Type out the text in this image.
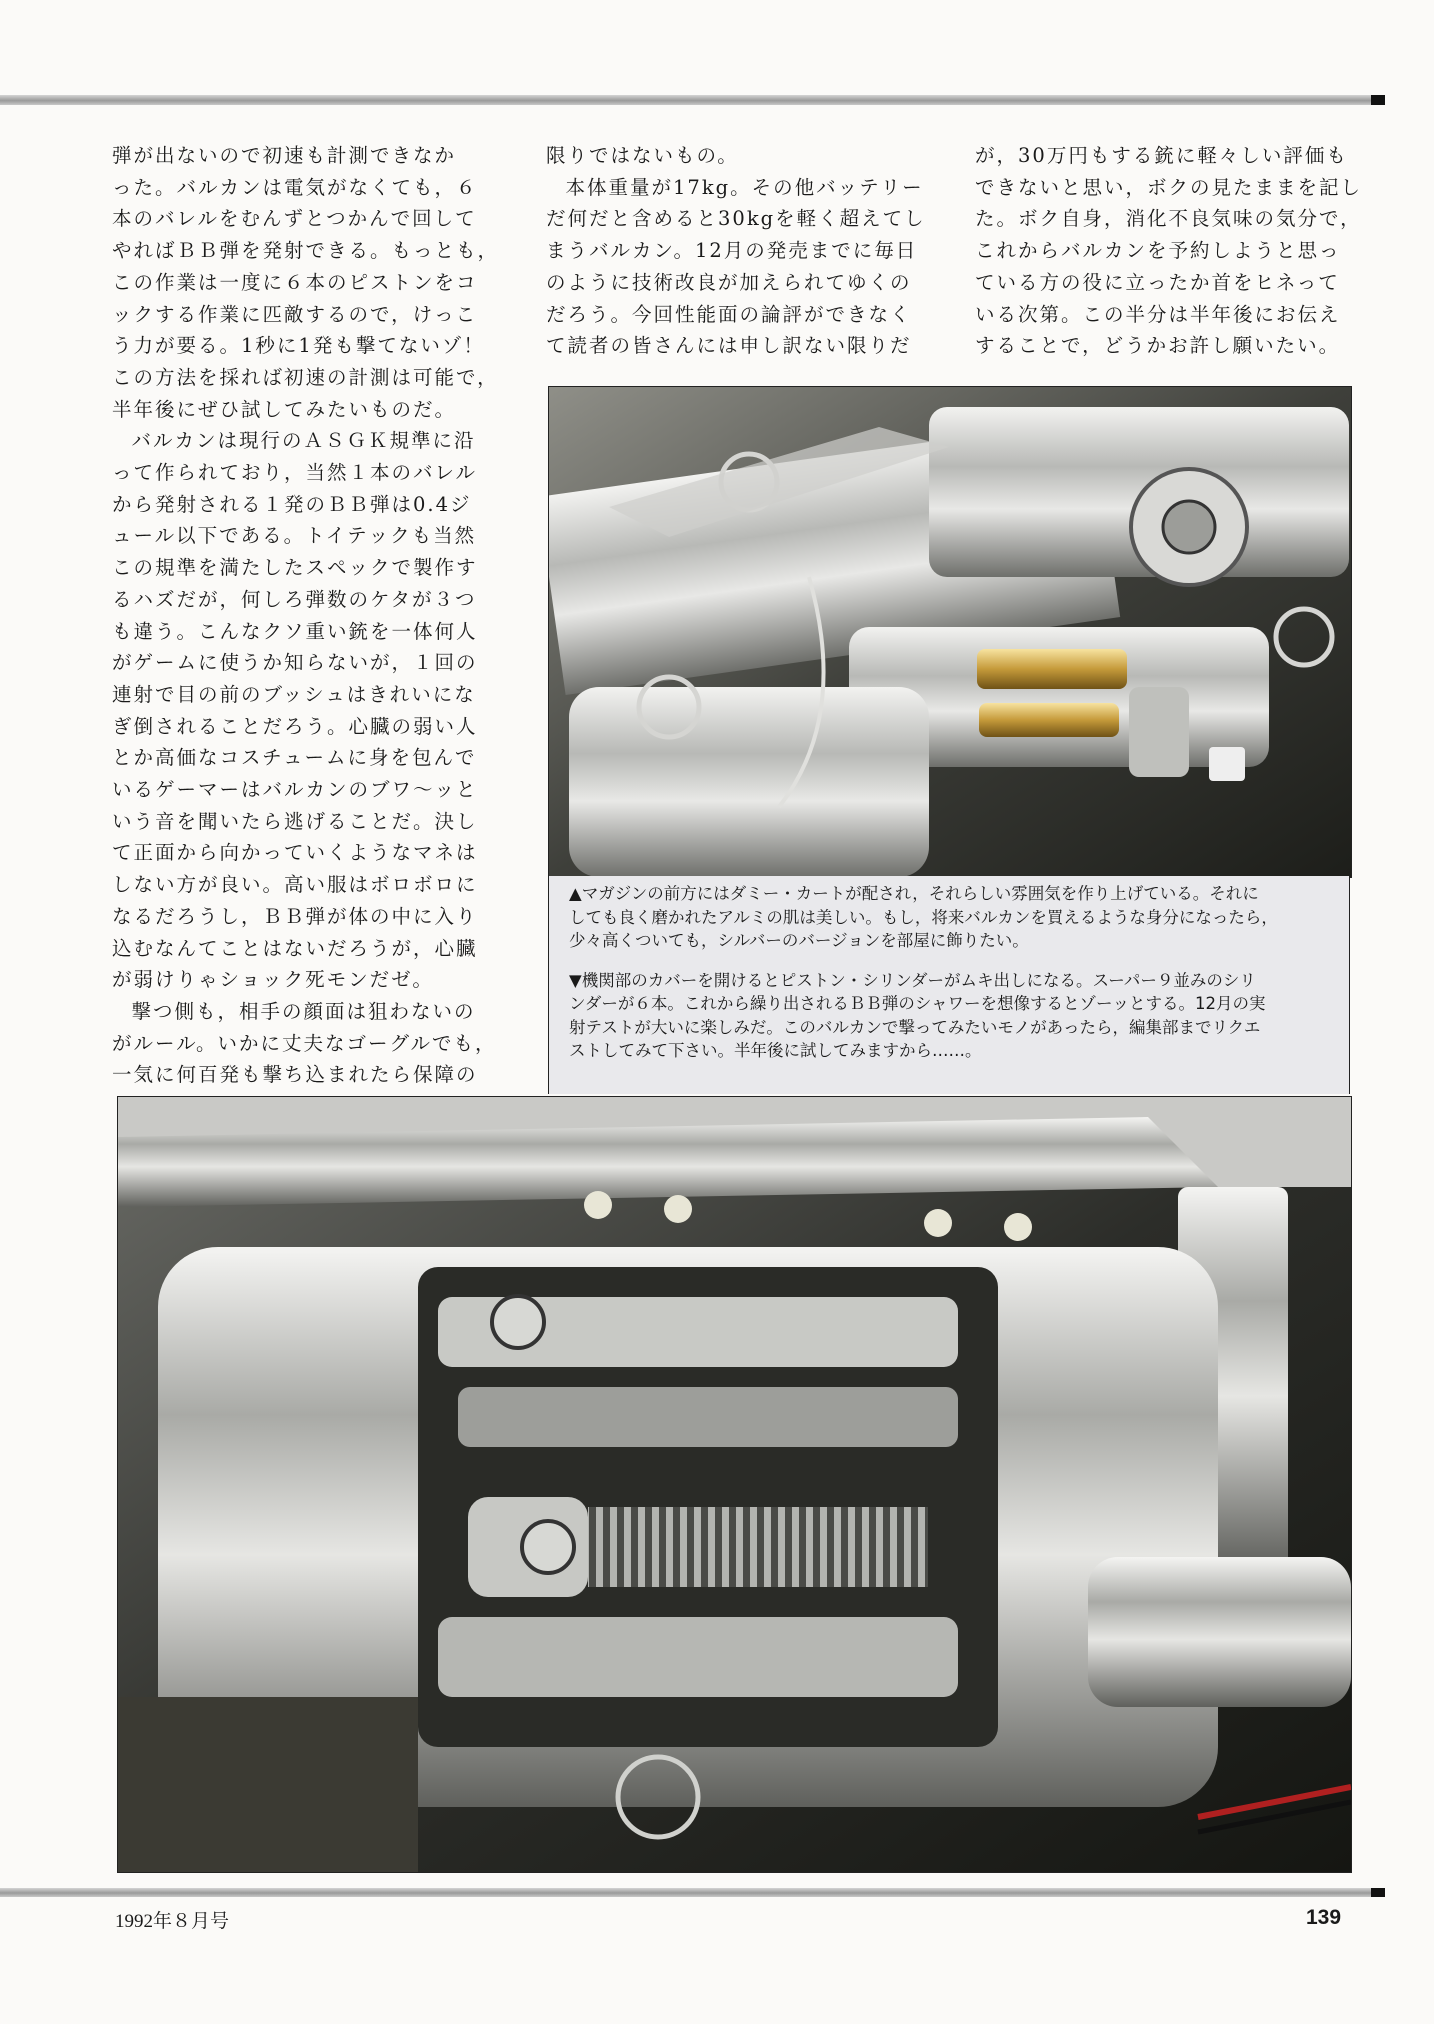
弾が出ないので初速も計測できなか
った。バルカンは電気がなくても，６
本のバレルをむんずとつかんで回して
やればＢＢ弾を発射できる。もっとも，
この作業は一度に６本のピストンをコ
ックする作業に匹敵するので，けっこ
う力が要る。1秒に1発も撃てないゾ！
この方法を採れば初速の計測は可能で，
半年後にぜひ試してみたいものだ。

バルカンは現行のＡＳＧＫ規準に沿
って作られており，当然１本のバレル
から発射される１発のＢＢ弾は0.4ジ
ュール以下である。トイテックも当然
この規準を満たしたスペックで製作す
るハズだが，何しろ弾数のケタが３つ
も違う。こんなクソ重い銃を一体何人
がゲームに使うか知らないが，１回の
連射で目の前のブッシュはきれいにな
ぎ倒されることだろう。心臓の弱い人
とか高価なコスチュームに身を包んで
いるゲーマーはバルカンのブワ〜ッと
いう音を聞いたら逃げることだ。決し
て正面から向かっていくようなマネは
しない方が良い。高い服はボロボロに
なるだろうし，ＢＢ弾が体の中に入り
込むなんてことはないだろうが，心臓
が弱けりゃショック死モンだゼ。

撃つ側も，相手の顔面は狙わないの
がルール。いかに丈夫なゴーグルでも，
一気に何百発も撃ち込まれたら保障の

限りではないもの。

本体重量が17kg。その他バッテリー
だ何だと含めると30kgを軽く超えてし
まうバルカン。12月の発売までに毎日
のように技術改良が加えられてゆくの
だろう。今回性能面の論評ができなく
て読者の皆さんには申し訳ない限りだ

が，30万円もする銃に軽々しい評価も
できないと思い，ボクの見たままを記し
た。ボク自身，消化不良気味の気分で，
これからバルカンを予約しようと思っ
ている方の役に立ったか首をヒネって
いる次第。この半分は半年後にお伝え
することで，どうかお許し願いたい。

▲マガジンの前方にはダミー・カートが配され，それらしい雰囲気を作り上げている。それに
しても良く磨かれたアルミの肌は美しい。もし，将来バルカンを買えるような身分になったら，
少々高くついても，シルバーのバージョンを部屋に飾りたい。

▼機関部のカバーを開けるとピストン・シリンダーがムキ出しになる。スーパー９並みのシリ
ンダーが６本。これから繰り出されるＢＢ弾のシャワーを想像するとゾーッとする。12月の実
射テストが大いに楽しみだ。このバルカンで撃ってみたいモノがあったら，編集部までリクエ
ストしてみて下さい。半年後に試してみますから……。

1992年８月号	139
